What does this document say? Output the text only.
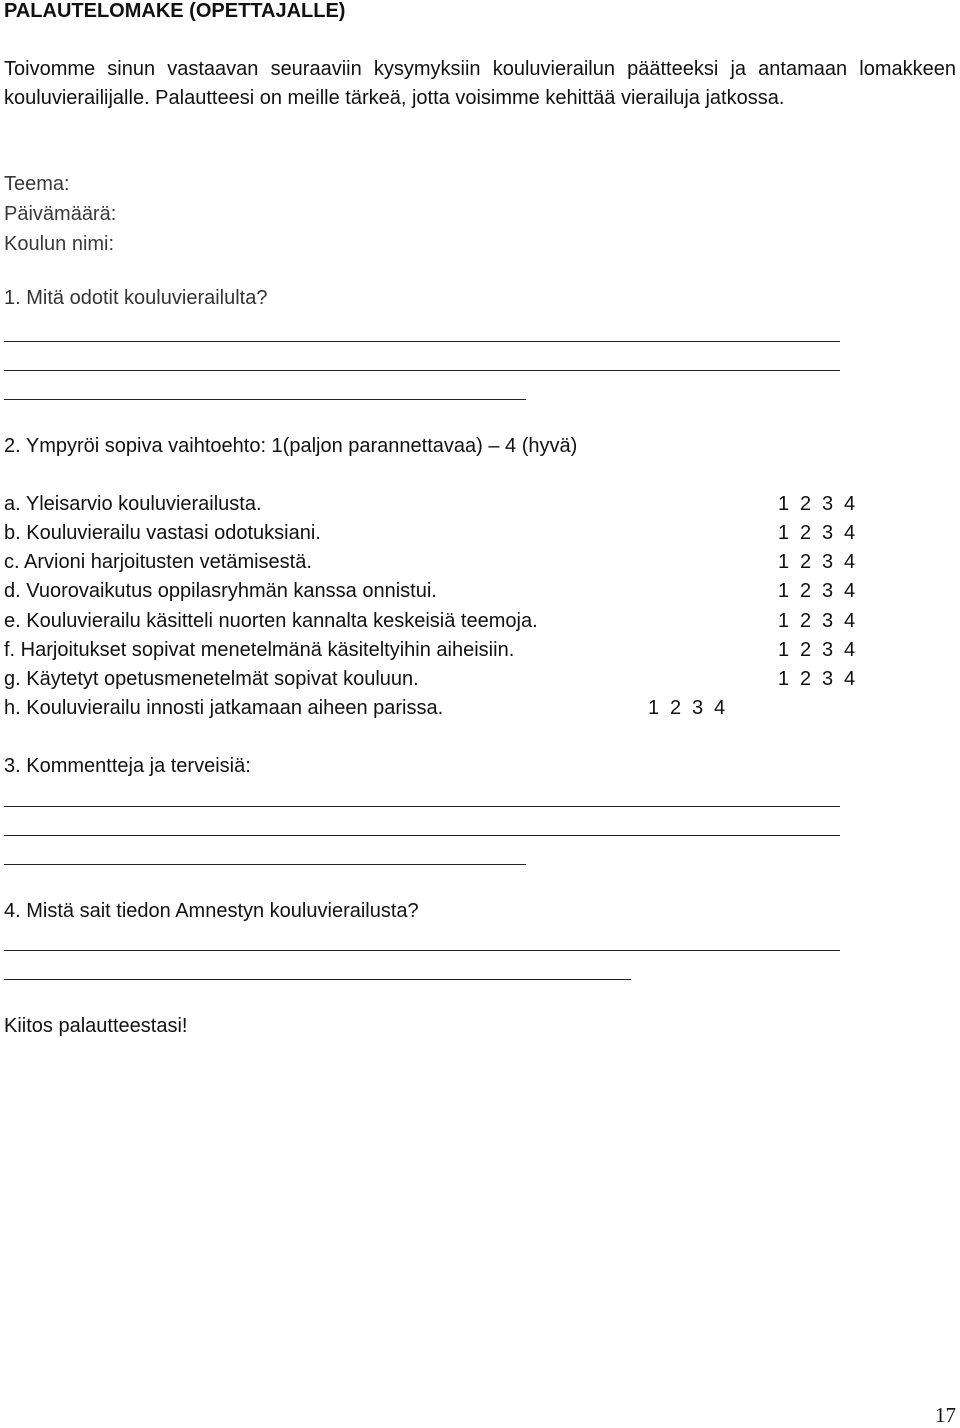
PALAUTELOMAKE (OPETTAJALLE)
Toivomme sinun vastaavan seuraaviin kysymyksiin kouluvierailun päätteeksi ja antamaan lomakkeen kouluvierailijalle. Palautteesi on meille tärkeä, jotta voisimme kehittää vierailuja jatkossa.
Teema:
Päivämäärä:
Koulun nimi:
1. Mitä odotit kouluvierailulta?
2. Ympyröi sopiva vaihtoehto: 1(paljon parannettavaa) – 4 (hyvä)
a. Yleisarvio kouluvierailusta.	1 2 3 4
b. Kouluvierailu vastasi odotuksiani.	1 2 3 4
c. Arvioni harjoitusten vetämisestä.	1 2 3 4
d. Vuorovaikutus oppilasryhmän kanssa onnistui.	1 2 3 4
e. Kouluvierailu käsitteli nuorten kannalta keskeisiä teemoja.	1 2 3 4
f. Harjoitukset sopivat menetelmänä käsiteltyihin aiheisiin.	1 2 3 4
g. Käytetyt opetusmenetelmät sopivat kouluun.	1 2 3 4
h. Kouluvierailu innosti jatkamaan aiheen parissa.	1 2 3 4
3. Kommentteja ja terveisiä:
4. Mistä sait tiedon Amnestyn kouluvierailusta?
Kiitos palautteestasi!
17
